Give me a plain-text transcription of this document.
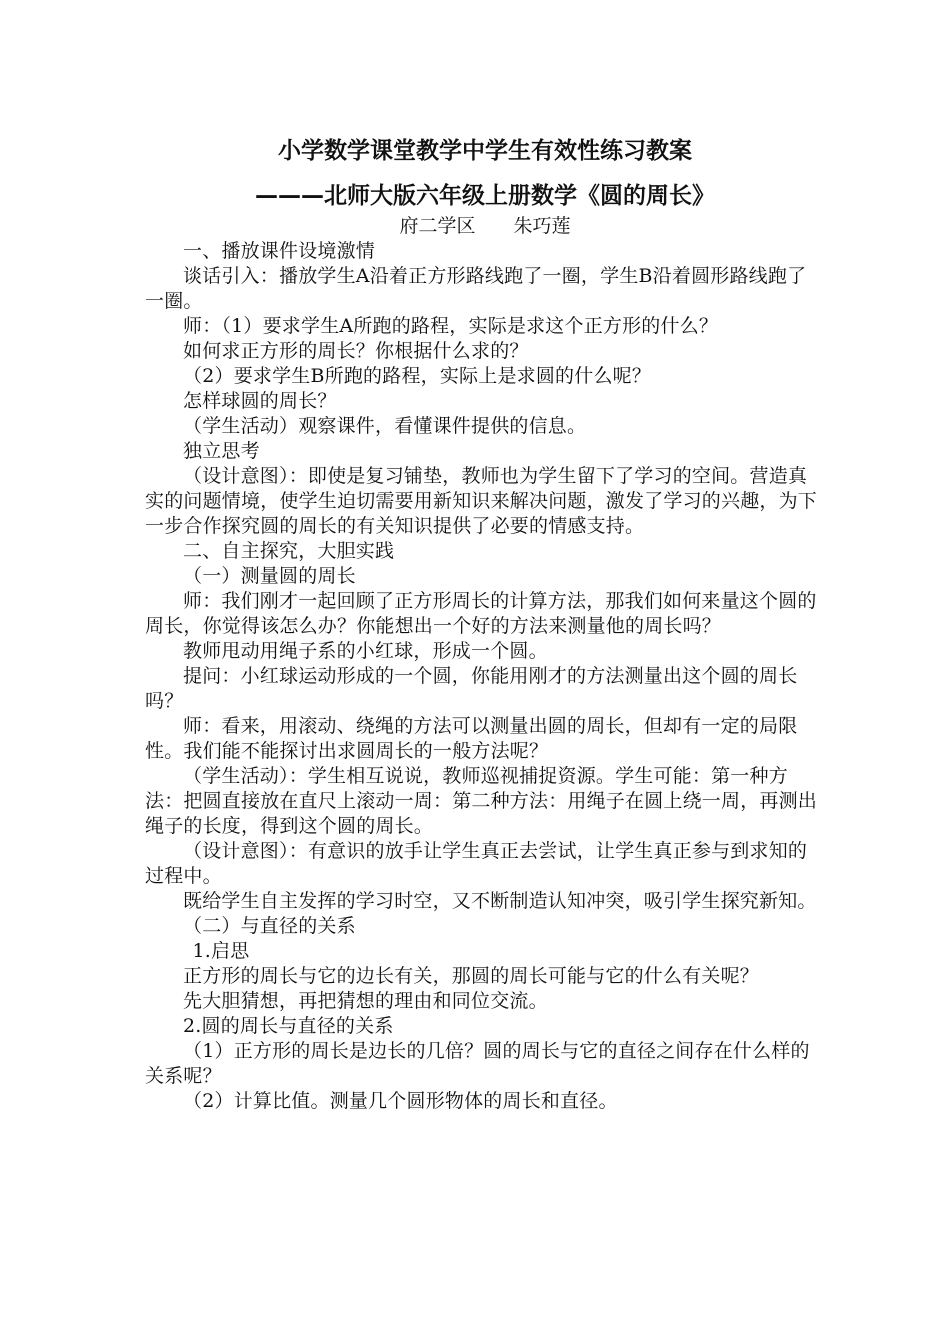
小学数学课堂教学中学生有效性练习教案
———北师大版六年级上册数学《圆的周长》
府二学区　　朱巧莲

一、播放课件设境激情

谈话引入：播放学生A沿着正方形路线跑了一圈，学生B沿着圆形路线跑了一圈。

师：（1）要求学生A所跑的路程，实际是求这个正方形的什么？

如何求正方形的周长？你根据什么求的？

（2）要求学生B所跑的路程，实际上是求圆的什么呢？

怎样球圆的周长？

（学生活动）观察课件，看懂课件提供的信息。

独立思考

（设计意图）：即使是复习铺垫，教师也为学生留下了学习的空间。营造真实的问题情境，使学生迫切需要用新知识来解决问题，激发了学习的兴趣，为下一步合作探究圆的周长的有关知识提供了必要的情感支持。

二、自主探究，大胆实践

（一）测量圆的周长

师：我们刚才一起回顾了正方形周长的计算方法，那我们如何来量这个圆的周长，你觉得该怎么办？你能想出一个好的方法来测量他的周长吗？

教师甩动用绳子系的小红球，形成一个圆。

提问：小红球运动形成的一个圆，你能用刚才的方法测量出这个圆的周长吗？

师：看来，用滚动、绕绳的方法可以测量出圆的周长，但却有一定的局限性。我们能不能探讨出求圆周长的一般方法呢？

（学生活动）：学生相互说说，教师巡视捕捉资源。学生可能：第一种方法：把圆直接放在直尺上滚动一周：第二种方法：用绳子在圆上绕一周，再测出绳子的长度，得到这个圆的周长。

（设计意图）：有意识的放手让学生真正去尝试，让学生真正参与到求知的过程中。

既给学生自主发挥的学习时空，又不断制造认知冲突，吸引学生探究新知。

（二）与直径的关系

1.启思

正方形的周长与它的边长有关，那圆的周长可能与它的什么有关呢？

先大胆猜想，再把猜想的理由和同位交流。

2.圆的周长与直径的关系

（1）正方形的周长是边长的几倍？圆的周长与它的直径之间存在什么样的关系呢？

（2）计算比值。测量几个圆形物体的周长和直径。
